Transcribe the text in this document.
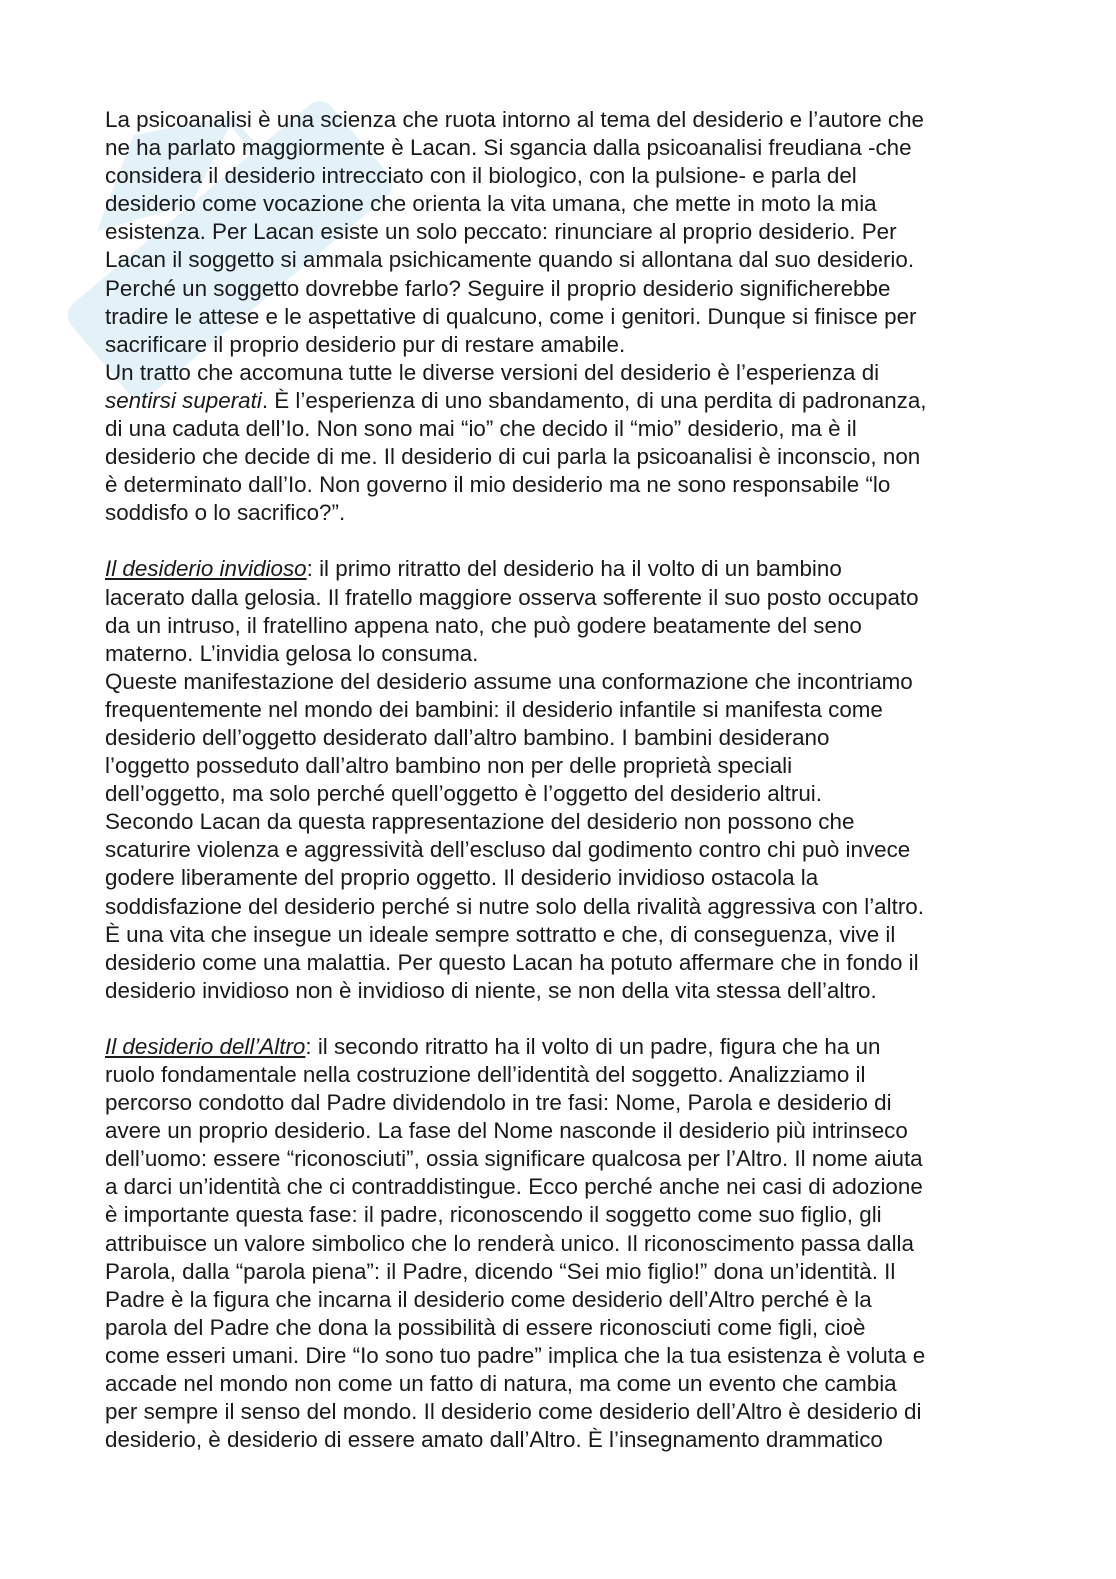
Skuola.net

La psicoanalisi è una scienza che ruota intorno al tema del desiderio e l’autore che
ne ha parlato maggiormente è Lacan. Si sgancia dalla psicoanalisi freudiana -che
considera il desiderio intrecciato con il biologico, con la pulsione- e parla del
desiderio come vocazione che orienta la vita umana, che mette in moto la mia
esistenza. Per Lacan esiste un solo peccato: rinunciare al proprio desiderio. Per
Lacan il soggetto si ammala psichicamente quando si allontana dal suo desiderio.
Perché un soggetto dovrebbe farlo? Seguire il proprio desiderio significherebbe
tradire le attese e le aspettative di qualcuno, come i genitori. Dunque si finisce per
sacrificare il proprio desiderio pur di restare amabile.

Un tratto che accomuna tutte le diverse versioni del desiderio è l’esperienza di
sentirsi superati. È l’esperienza di uno sbandamento, di una perdita di padronanza,
di una caduta dell’Io. Non sono mai “io” che decido il “mio” desiderio, ma è il
desiderio che decide di me. Il desiderio di cui parla la psicoanalisi è inconscio, non
è determinato dall’Io. Non governo il mio desiderio ma ne sono responsabile “lo
soddisfo o lo sacrifico?”.

Il desiderio invidioso: il primo ritratto del desiderio ha il volto di un bambino
lacerato dalla gelosia. Il fratello maggiore osserva sofferente il suo posto occupato
da un intruso, il fratellino appena nato, che può godere beatamente del seno
materno. L’invidia gelosa lo consuma.

Queste manifestazione del desiderio assume una conformazione che incontriamo
frequentemente nel mondo dei bambini: il desiderio infantile si manifesta come
desiderio dell’oggetto desiderato dall’altro bambino. I bambini desiderano
l’oggetto posseduto dall’altro bambino non per delle proprietà speciali
dell’oggetto, ma solo perché quell’oggetto è l’oggetto del desiderio altrui.
Secondo Lacan da questa rappresentazione del desiderio non possono che
scaturire violenza e aggressività dell’escluso dal godimento contro chi può invece
godere liberamente del proprio oggetto. Il desiderio invidioso ostacola la
soddisfazione del desiderio perché si nutre solo della rivalità aggressiva con l’altro.
È una vita che insegue un ideale sempre sottratto e che, di conseguenza, vive il
desiderio come una malattia. Per questo Lacan ha potuto affermare che in fondo il
desiderio invidioso non è invidioso di niente, se non della vita stessa dell’altro.

Il desiderio dell’Altro: il secondo ritratto ha il volto di un padre, figura che ha un
ruolo fondamentale nella costruzione dell’identità del soggetto. Analizziamo il
percorso condotto dal Padre dividendolo in tre fasi: Nome, Parola e desiderio di
avere un proprio desiderio. La fase del Nome nasconde il desiderio più intrinseco
dell’uomo: essere “riconosciuti”, ossia significare qualcosa per l’Altro. Il nome aiuta
a darci un’identità che ci contraddistingue. Ecco perché anche nei casi di adozione
è importante questa fase: il padre, riconoscendo il soggetto come suo figlio, gli
attribuisce un valore simbolico che lo renderà unico. Il riconoscimento passa dalla
Parola, dalla “parola piena”: il Padre, dicendo “Sei mio figlio!” dona un’identità. Il
Padre è la figura che incarna il desiderio come desiderio dell’Altro perché è la
parola del Padre che dona la possibilità di essere riconosciuti come figli, cioè
come esseri umani. Dire “Io sono tuo padre” implica che la tua esistenza è voluta e
accade nel mondo non come un fatto di natura, ma come un evento che cambia
per sempre il senso del mondo. Il desiderio come desiderio dell’Altro è desiderio di
desiderio, è desiderio di essere amato dall’Altro. È l’insegnamento drammatico
